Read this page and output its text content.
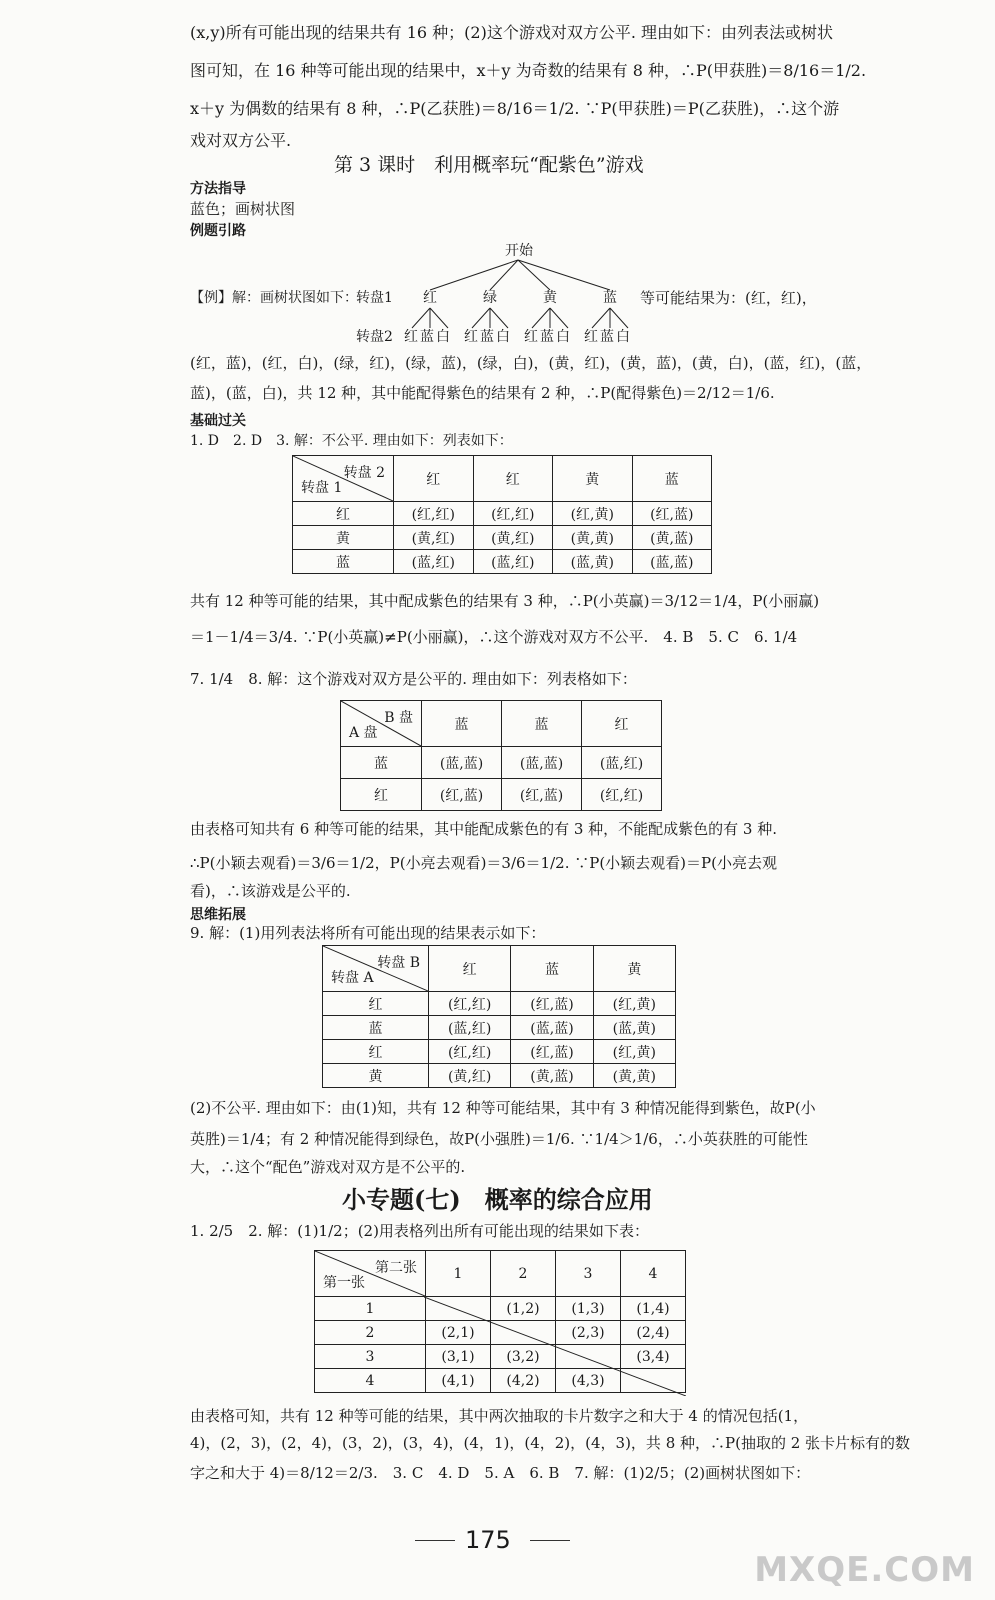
(x,y)所有可能出现的结果共有 16 种；(2)这个游戏对双方公平. 理由如下：由列表法或树状
图可知，在 16 种等可能出现的结果中，x＋y 为奇数的结果有 8 种，∴P(甲获胜)＝8/16＝1/2.
x＋y 为偶数的结果有 8 种，∴P(乙获胜)＝8/16＝1/2. ∵P(甲获胜)＝P(乙获胜)，∴这个游
戏对双方公平.
第 3 课时　利用概率玩“配紫色”游戏
方法指导
蓝色；画树状图
例题引路
开始
【例】解：画树状图如下：
转盘1 红	绿	黄	蓝 等可能结果为：(红，红)，
转盘2 红蓝白 红蓝白 红蓝白 红蓝白
(红，蓝)，(红，白)，(绿，红)，(绿，蓝)，(绿，白)，(黄，红)，(黄，蓝)，(黄，白)，(蓝，红)，(蓝，
蓝)，(蓝，白)，共 12 种，其中能配得紫色的结果有 2 种，∴P(配得紫色)＝2/12＝1/6.
基础过关
1. D　2. D　3. 解：不公平. 理由如下：列表如下：
转盘 2
转盘 1	红	红	黄	蓝
红	(红,红)	(红,红)	(红,黄)	(红,蓝)
黄	(黄,红)	(黄,红)	(黄,黄)	(黄,蓝)
蓝	(蓝,红)	(蓝,红)	(蓝,黄)	(蓝,蓝)
共有 12 种等可能的结果，其中配成紫色的结果有 3 种，∴P(小英赢)＝3/12＝1/4，P(小丽赢)
＝1－1/4＝3/4. ∵P(小英赢)≠P(小丽赢)，∴这个游戏对双方不公平.　4. B　5. C　6. 1/4
7. 1/4　8. 解：这个游戏对双方是公平的. 理由如下：列表格如下：
B 盘
A 盘	蓝	蓝	红
蓝	(蓝,蓝)	(蓝,蓝)	(蓝,红)
红	(红,蓝)	(红,蓝)	(红,红)
由表格可知共有 6 种等可能的结果，其中能配成紫色的有 3 种，不能配成紫色的有 3 种.
∴P(小颖去观看)＝3/6＝1/2，P(小亮去观看)＝3/6＝1/2. ∵P(小颖去观看)＝P(小亮去观
看)，∴该游戏是公平的.
思维拓展
9. 解：(1)用列表法将所有可能出现的结果表示如下：
转盘 B
转盘 A	红	蓝	黄
红	(红,红)	(红,蓝)	(红,黄)
蓝	(蓝,红)	(蓝,蓝)	(蓝,黄)
红	(红,红)	(红,蓝)	(红,黄)
黄	(黄,红)	(黄,蓝)	(黄,黄)
(2)不公平. 理由如下：由(1)知，共有 12 种等可能结果，其中有 3 种情况能得到紫色，故P(小
英胜)＝1/4；有 2 种情况能得到绿色，故P(小强胜)＝1/6. ∵1/4＞1/6，∴小英获胜的可能性
大，∴这个“配色”游戏对双方是不公平的.
小专题(七)　概率的综合应用
1. 2/5　2. 解：(1)1/2；(2)用表格列出所有可能出现的结果如下表：
第二张
第一张	1	2	3	4
1		(1,2)	(1,3)	(1,4)
2	(2,1)		(2,3)	(2,4)
3	(3,1)	(3,2)		(3,4)
4	(4,1)	(4,2)	(4,3)	
由表格可知，共有 12 种等可能的结果，其中两次抽取的卡片数字之和大于 4 的情况包括(1，
4)，(2，3)，(2，4)，(3，2)，(3，4)，(4，1)，(4，2)，(4，3)，共 8 种，∴P(抽取的 2 张卡片标有的数
字之和大于 4)＝8/12＝2/3.　3. C　4. D　5. A　6. B　7. 解：(1)2/5；(2)画树状图如下：
175
MXQE.COM
